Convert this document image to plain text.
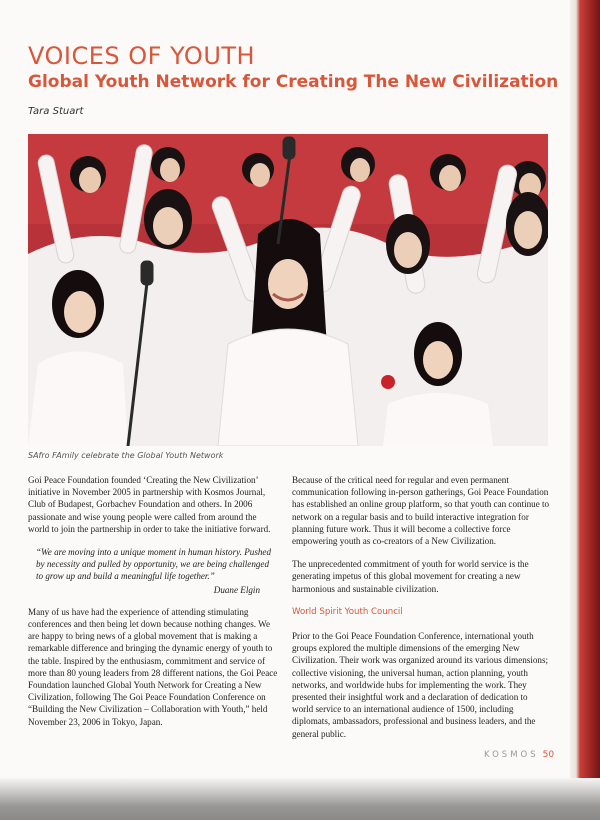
VOICES OF YOUTH
Global Youth Network for Creating The New Civilization
Tara Stuart
SAfro FAmily celebrate the Global Youth Network

Goi Peace Foundation founded ‘Creating the New Civilization’ initiative in November 2005 in partnership with Kosmos Journal, Club of Budapest, Gorbachev Foundation and others. In 2006 passionate and wise young people were called from around the world to join the partnership in order to take the initiative forward.

“We are moving into a unique moment in human history. Pushed by necessity and pulled by opportunity, we are being challenged to grow up and build a meaningful life together.”

Duane Elgin

Many of us have had the experience of attending stimulating conferences and then being let down because nothing changes. We are happy to bring news of a global movement that is making a remarkable difference and bringing the dynamic energy of youth to the table. Inspired by the enthusiasm, commitment and service of more than 80 young leaders from 28 different nations, the Goi Peace Foundation launched Global Youth Network for Creating a New Civilization, following The Goi Peace Foundation Conference on “Building the New Civilization – Collaboration with Youth,” held November 23, 2006 in Tokyo, Japan.

Because of the critical need for regular and even permanent communication following in-person gatherings, Goi Peace Foundation has established an online group platform, so that youth can continue to network on a regular basis and to build interactive integration for planning future work. Thus it will become a collective force empowering youth as co-creators of a New Civilization.

The unprecedented commitment of youth for world service is the generating impetus of this global movement for creating a new harmonious and sustainable civilization.

World Spirit Youth Council

Prior to the Goi Peace Foundation Conference, international youth groups explored the multiple dimensions of the emerging New Civilization. Their work was organized around its various dimensions; collective visioning, the universal human, action planning, youth networks, and worldwide hubs for implementing the work. They presented their insightful work and a declaration of dedication to world service to an international audience of 1500, including diplomats, ambassadors, professional and business leaders, and the general public.

KOSMOS 50
